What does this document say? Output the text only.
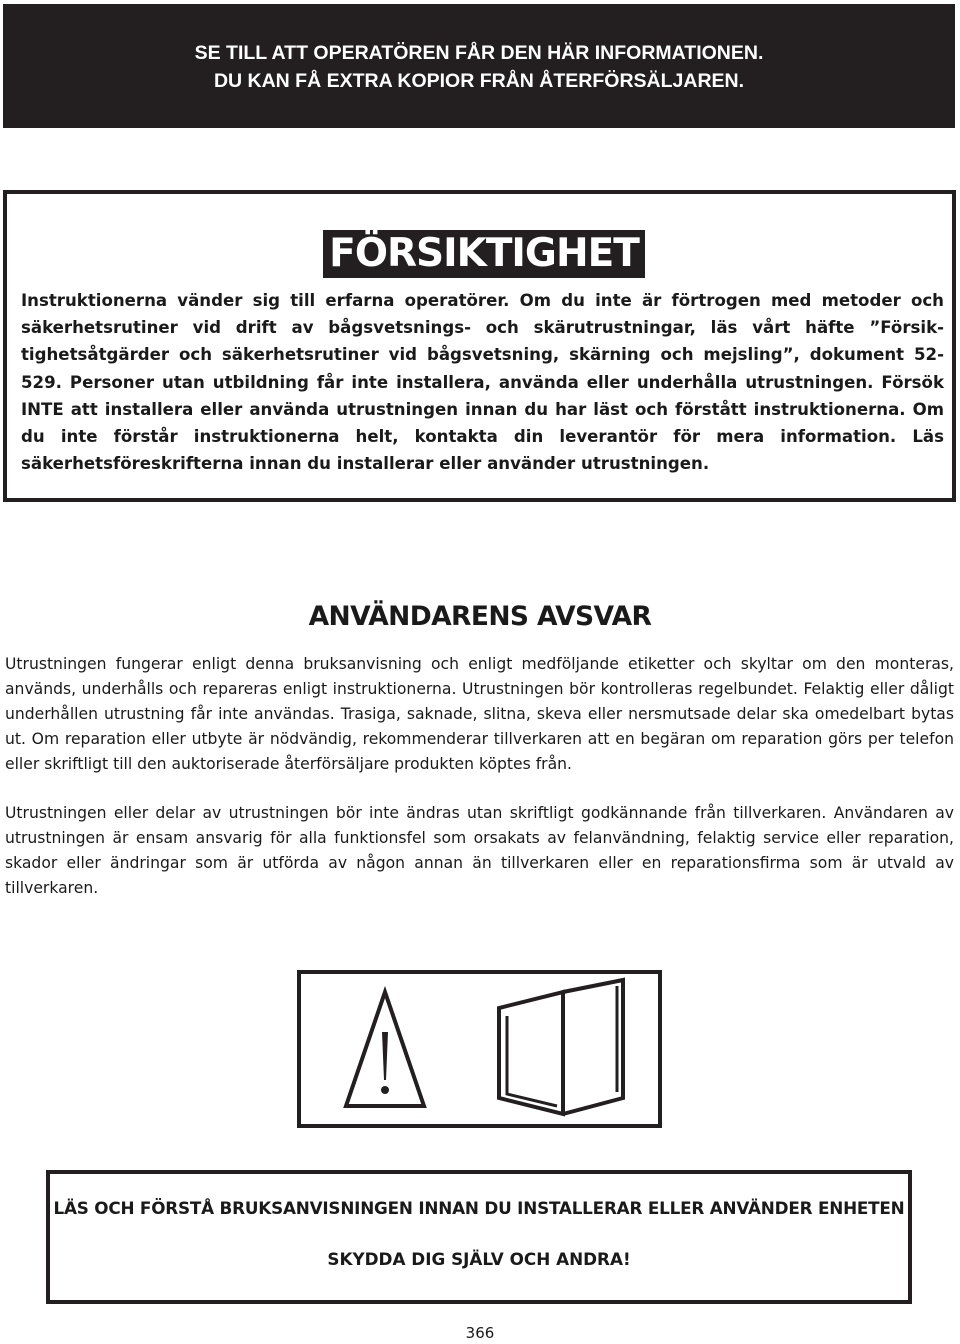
SE TILL ATT OPERATÖREN FÅR DEN HÄR INFORMATIONEN.
DU KAN FÅ EXTRA KOPIOR FRÅN ÅTERFÖRSÄLJAREN.
FÖRSIKTIGHET

Instruktionerna vänder sig till erfarna operatörer. Om du inte är förtrogen med metoder och säkerhetsrutiner vid drift av bågsvetsnings- och skärutrustningar, läs vårt häfte ”Försiktighetsåtgärder och säkerhetsrutiner vid bågsvetsning, skärning och mejsling”, dokument 52-529. Personer utan utbildning får inte installera, använda eller underhålla utrustningen. Försök INTE att installera eller använda utrustningen innan du har läst och förstått instruktionerna. Om du inte förstår instruktionerna helt, kontakta din leverantör för mera information. Läs säkerhetsföreskrifterna innan du installerar eller använder utrustningen.

ANVÄNDARENS AVSVAR

Utrustningen fungerar enligt denna bruksanvisning och enligt medföljande etiketter och skyltar om den monteras, används, underhålls och repareras enligt instruktionerna. Utrustningen bör kontrolleras regelbundet. Felaktig eller dåligt underhållen utrustning får inte användas. Trasiga, saknade, slitna, skeva eller nersmutsade delar ska omedelbart bytas ut. Om reparation eller utbyte är nödvändig, rekommenderar tillverkaren att en begäran om reparation görs per telefon eller skriftligt till den auktoriserade återförsäljare produkten köptes från.

Utrustningen eller delar av utrustningen bör inte ändras utan skriftligt godkännande från tillverkaren. Användaren av utrustningen är ensam ansvarig för alla funktionsfel som orsakats av felanvändning, felaktig service eller reparation, skador eller ändringar som är utförda av någon annan än tillverkaren eller en reparationsfirma som är utvald av tillverkaren.

LÄS OCH FÖRSTÅ BRUKSANVISNINGEN INNAN DU INSTALLERAR ELLER ANVÄNDER ENHETEN

SKYDDA DIG SJÄLV OCH ANDRA!

366
